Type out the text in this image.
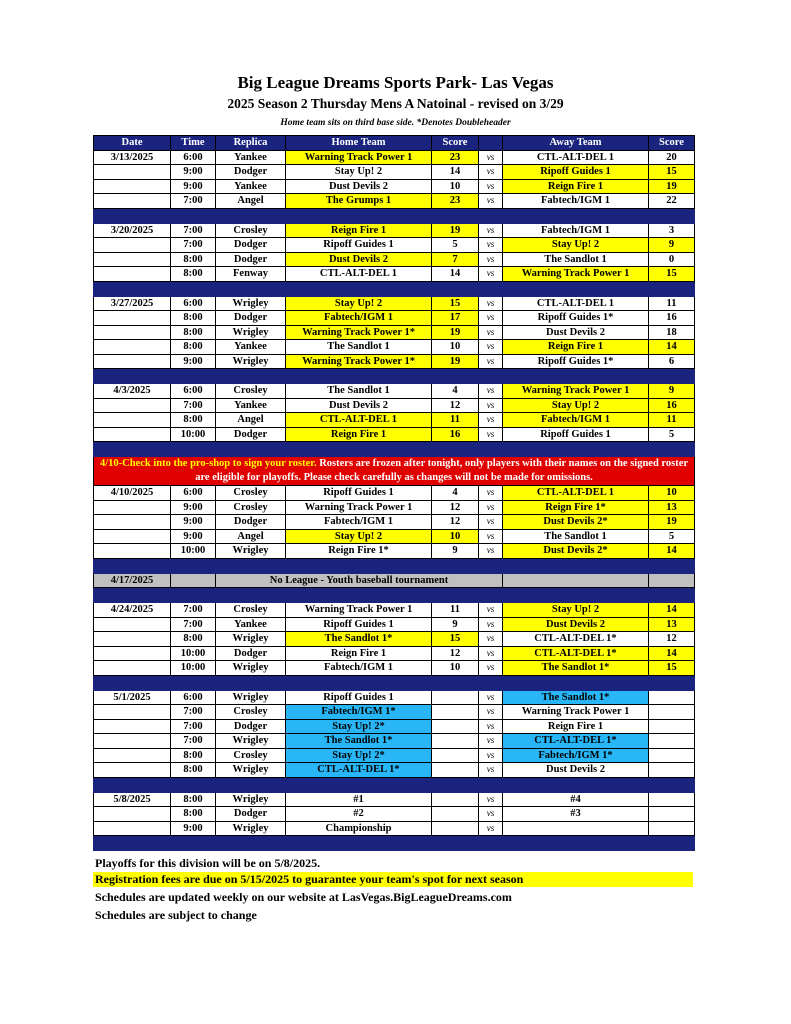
Big League Dreams Sports Park- Las Vegas
2025 Season 2 Thursday Mens A Natoinal - revised on 3/29
Home team sits on third base side. *Denotes Doubleheader
Date	Time	Replica	Home Team	Score		Away Team	Score
3/13/2025	6:00	Yankee	Warning Track Power 1	23	vs	CTL-ALT-DEL 1	20
	9:00	Dodger	Stay Up! 2	14	vs	Ripoff Guides 1	15
	9:00	Yankee	Dust Devils 2	10	vs	Reign Fire 1	19
	7:00	Angel	The Grumps 1	23	vs	Fabtech/IGM 1	22

3/20/2025	7:00	Crosley	Reign Fire 1	19	vs	Fabtech/IGM 1	3
	7:00	Dodger	Ripoff Guides 1	5	vs	Stay Up! 2	9
	8:00	Dodger	Dust Devils 2	7	vs	The Sandlot 1	0
	8:00	Fenway	CTL-ALT-DEL 1	14	vs	Warning Track Power 1	15

3/27/2025	6:00	Wrigley	Stay Up! 2	15	vs	CTL-ALT-DEL 1	11
	8:00	Dodger	Fabtech/IGM 1	17	vs	Ripoff Guides 1*	16
	8:00	Wrigley	Warning Track Power 1*	19	vs	Dust Devils 2	18
	8:00	Yankee	The Sandlot 1	10	vs	Reign Fire 1	14
	9:00	Wrigley	Warning Track Power 1*	19	vs	Ripoff Guides 1*	6

4/3/2025	6:00	Crosley	The Sandlot 1	4	vs	Warning Track Power 1	9
	7:00	Yankee	Dust Devils 2	12	vs	Stay Up! 2	16
	8:00	Angel	CTL-ALT-DEL 1	11	vs	Fabtech/IGM 1	11
	10:00	Dodger	Reign Fire 1	16	vs	Ripoff Guides 1	5

4/10-Check into the pro-shop to sign your roster. Rosters are frozen after tonight, only players with their names on the signed roster are eligible for playoffs. Please check carefully as changes will not be made for omissions.							
4/10/2025	6:00	Crosley	Ripoff Guides 1	4	vs	CTL-ALT-DEL 1	10
	9:00	Crosley	Warning Track Power 1	12	vs	Reign Fire 1*	13
	9:00	Dodger	Fabtech/IGM 1	12	vs	Dust Devils 2*	19
	9:00	Angel	Stay Up! 2	10	vs	The Sandlot 1	5
	10:00	Wrigley	Reign Fire 1*	9	vs	Dust Devils 2*	14

4/17/2025		No League - Youth baseball tournament					

4/24/2025	7:00	Crosley	Warning Track Power 1	11	vs	Stay Up! 2	14
	7:00	Yankee	Ripoff Guides 1	9	vs	Dust Devils 2	13
	8:00	Wrigley	The Sandlot 1*	15	vs	CTL-ALT-DEL 1*	12
	10:00	Dodger	Reign Fire 1	12	vs	CTL-ALT-DEL 1*	14
	10:00	Wrigley	Fabtech/IGM 1	10	vs	The Sandlot 1*	15

5/1/2025	6:00	Wrigley	Ripoff Guides 1		vs	The Sandlot 1*	
	7:00	Crosley	Fabtech/IGM 1*		vs	Warning Track Power 1	
	7:00	Dodger	Stay Up! 2*		vs	Reign Fire 1	
	7:00	Wrigley	The Sandlot 1*		vs	CTL-ALT-DEL 1*	
	8:00	Crosley	Stay Up! 2*		vs	Fabtech/IGM 1*	
	8:00	Wrigley	CTL-ALT-DEL 1*		vs	Dust Devils 2	

5/8/2025	8:00	Wrigley	#1		vs	#4	
	8:00	Dodger	#2		vs	#3	
	9:00	Wrigley	Championship		vs		

Playoffs for this division will be on 5/8/2025.
Registration fees are due on 5/15/2025 to guarantee your team's spot for next season
Schedules are updated weekly on our website at LasVegas.BigLeagueDreams.com
Schedules are subject to change
